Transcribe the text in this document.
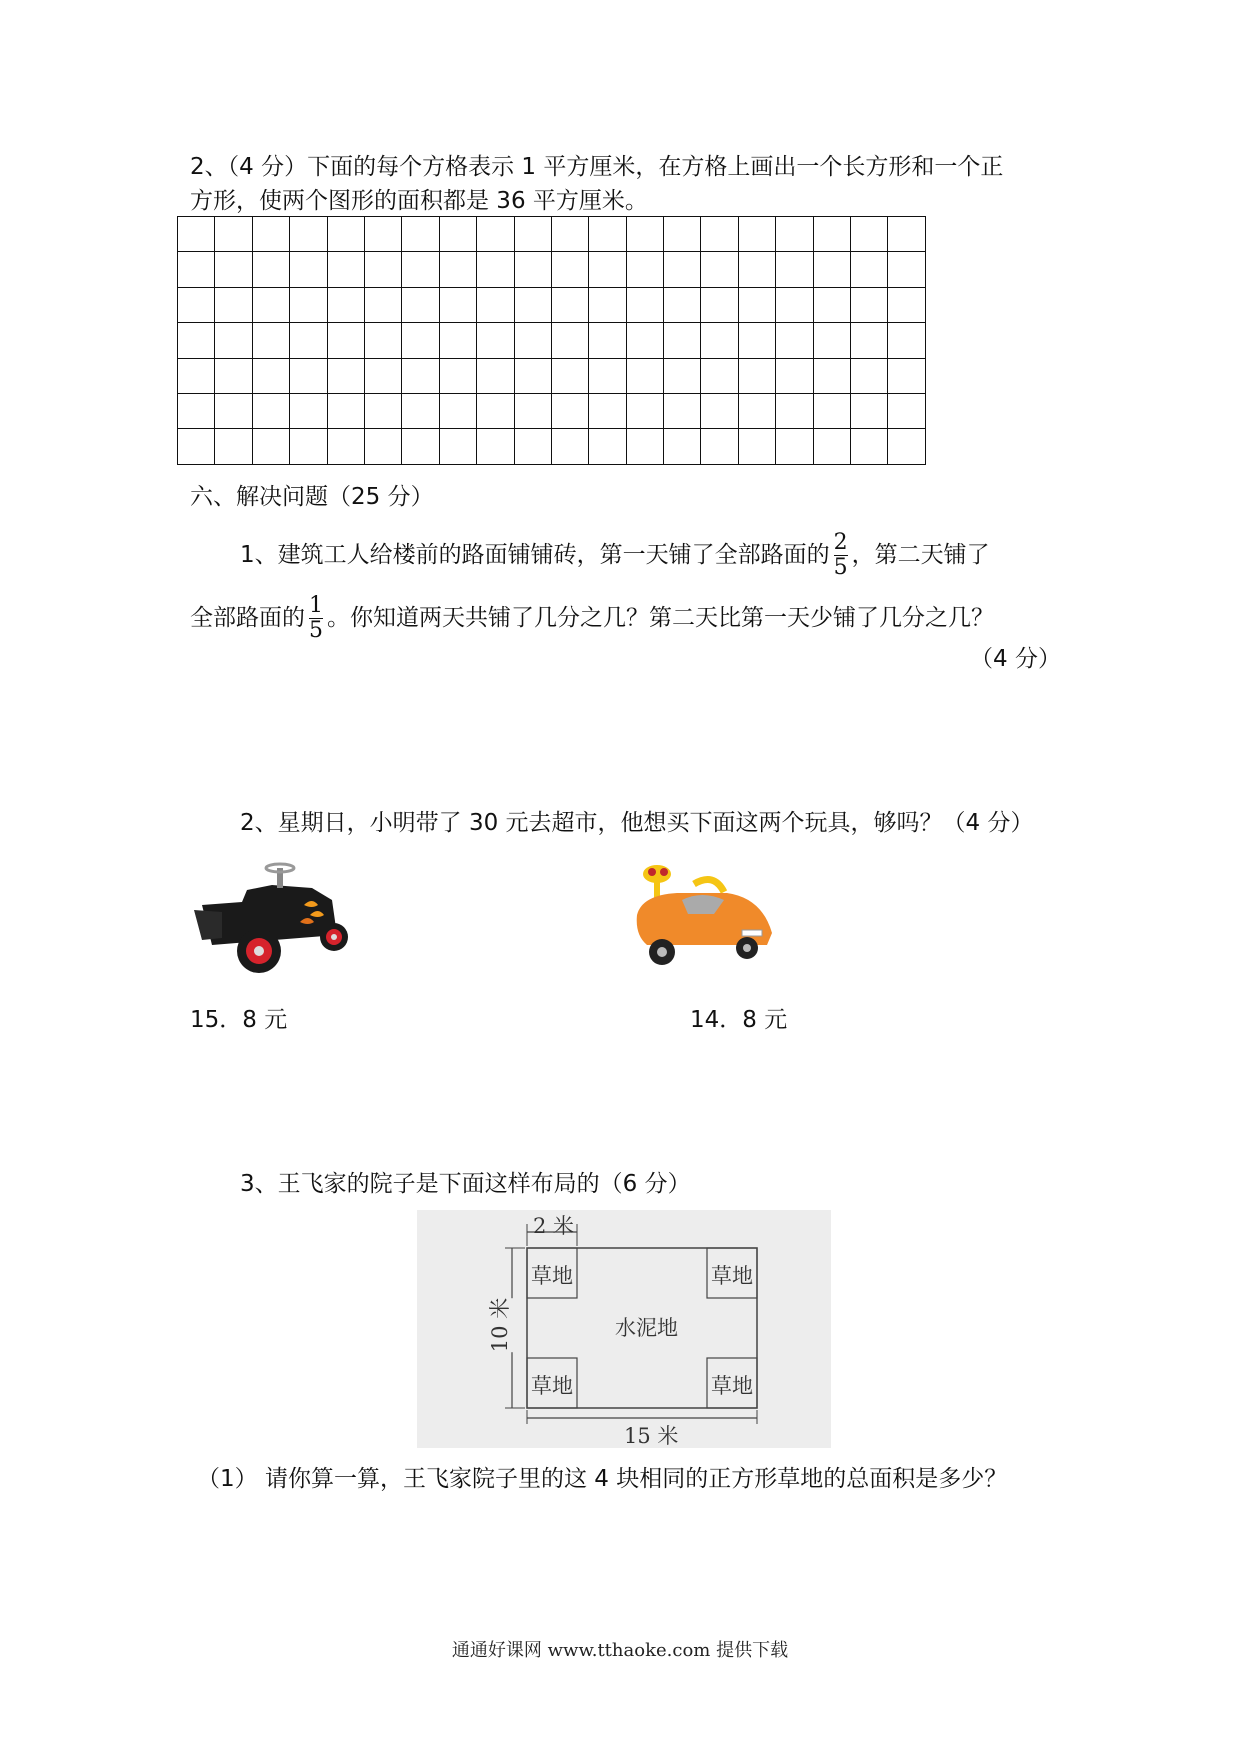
2、（4 分）下面的每个方格表示 1 平方厘米，在方格上画出一个长方形和一个正
方形，使两个图形的面积都是 36 平方厘米。

六、解决问题（25 分）
1、建筑工人给楼前的路面铺铺砖，第一天铺了全部路面的 $\frac{2}{5}$ ，第二天铺了
全部路面的 $\frac{1}{5}$ 。你知道两天共铺了几分之几？第二天比第一天少铺了几分之几？
（4 分）
2、星期日，小明带了 30 元去超市，他想买下面这两个玩具，够吗？（4 分）
15．8 元	14．8 元
3、王飞家的院子是下面这样布局的（6 分）
2 米
10 米
15 米
水泥地
草地	草地
草地	草地
（1） 请你算一算，王飞家院子里的这 4 块相同的正方形草地的总面积是多少？
通通好课网 www.tthaoke.com 提供下载
